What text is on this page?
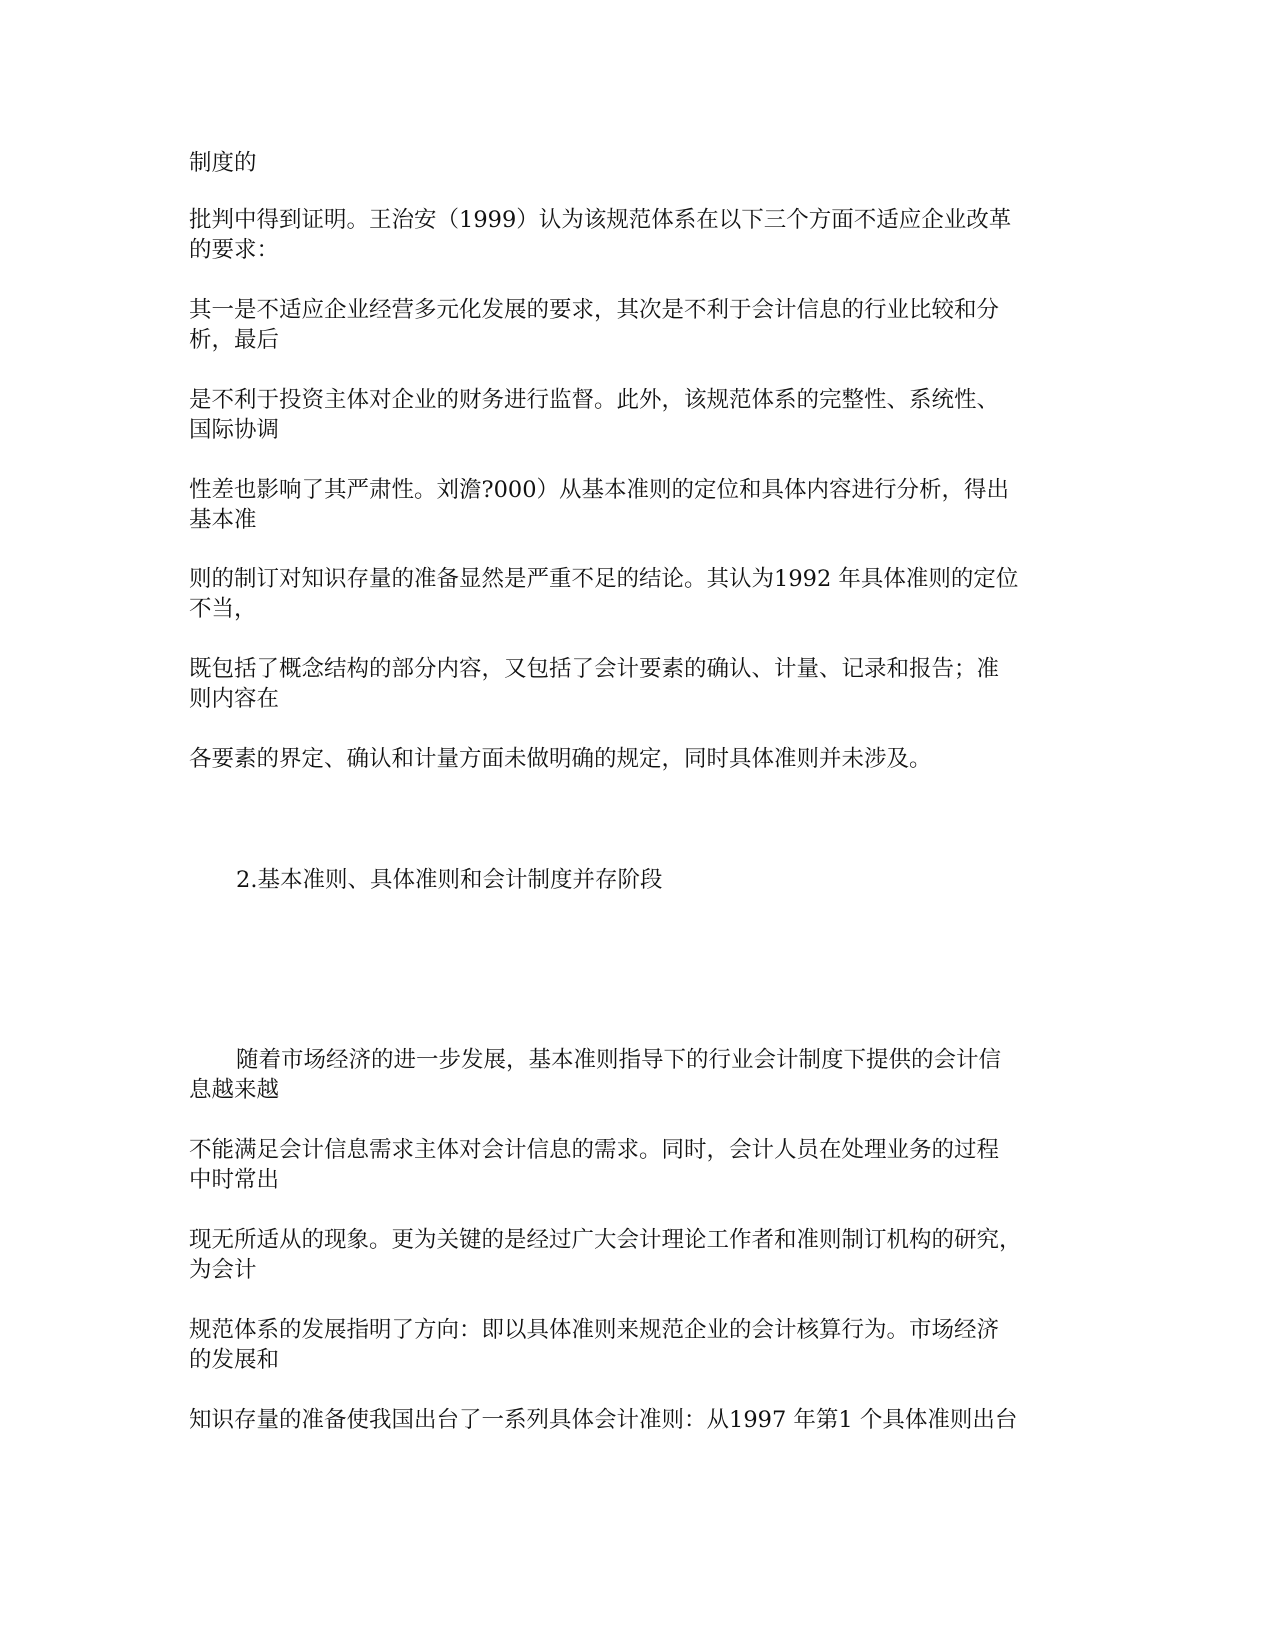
制度的
批判中得到证明。王治安（1999）认为该规范体系在以下三个方面不适应企业改革
的要求：
其一是不适应企业经营多元化发展的要求，其次是不利于会计信息的行业比较和分
析，最后
是不利于投资主体对企业的财务进行监督。此外，该规范体系的完整性、系统性、
国际协调
性差也影响了其严肃性。刘澹?000）从基本准则的定位和具体内容进行分析，得出
基本准
则的制订对知识存量的准备显然是严重不足的结论。其认为1992 年具体准则的定位
不当，
既包括了概念结构的部分内容，又包括了会计要素的确认、计量、记录和报告；准
则内容在
各要素的界定、确认和计量方面未做明确的规定，同时具体准则并未涉及。
2.基本准则、具体准则和会计制度并存阶段
随着市场经济的进一步发展，基本准则指导下的行业会计制度下提供的会计信
息越来越
不能满足会计信息需求主体对会计信息的需求。同时，会计人员在处理业务的过程
中时常出
现无所适从的现象。更为关键的是经过广大会计理论工作者和准则制订机构的研究，
为会计
规范体系的发展指明了方向：即以具体准则来规范企业的会计核算行为。市场经济
的发展和
知识存量的准备使我国出台了一系列具体会计准则：从1997 年第1 个具体准则出台
